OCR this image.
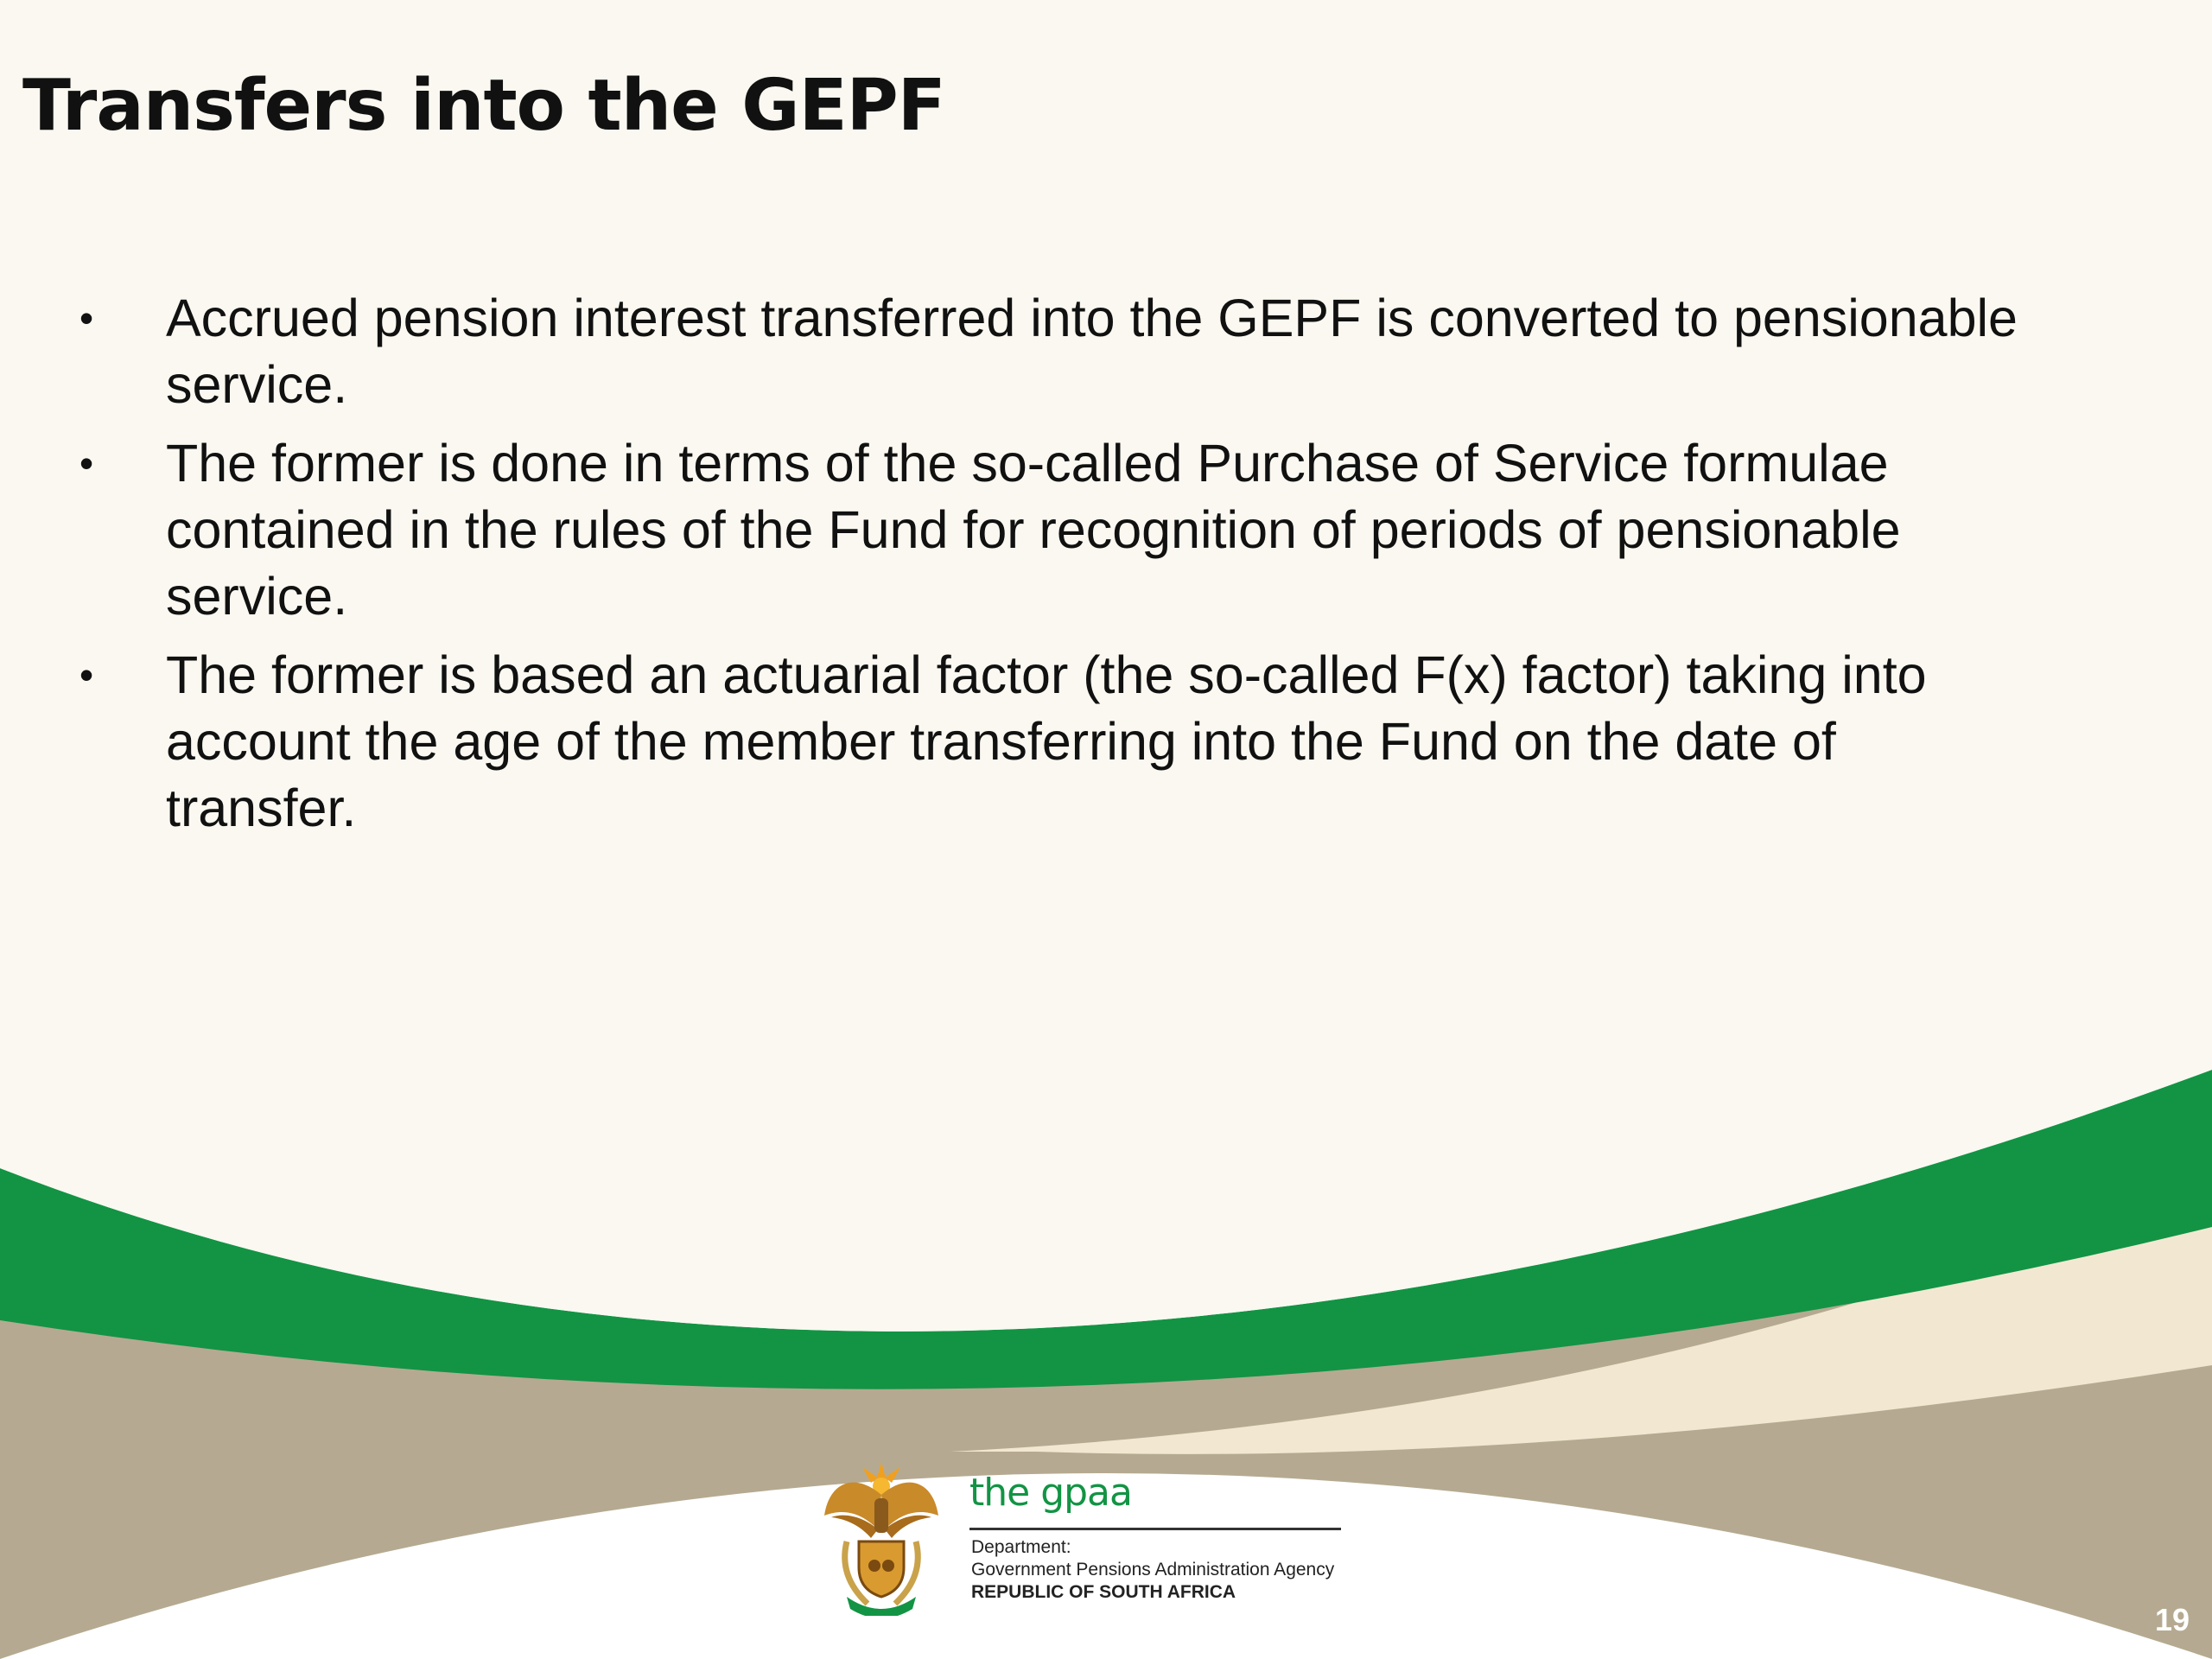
Transfers into the GEPF
• Accrued pension interest transferred into the GEPF is converted to pensionable
service.
• The former is done in terms of the so-called Purchase of Service formulae
contained in the rules of the Fund for recognition of periods of pensionable
service.
• The former is based an actuarial factor (the so-called F(x) factor) taking into
account the age of the member transferring into the Fund on the date of
transfer.

the gpaa

Department:
Government Pensions Administration Agency
REPUBLIC OF SOUTH AFRICA
19
